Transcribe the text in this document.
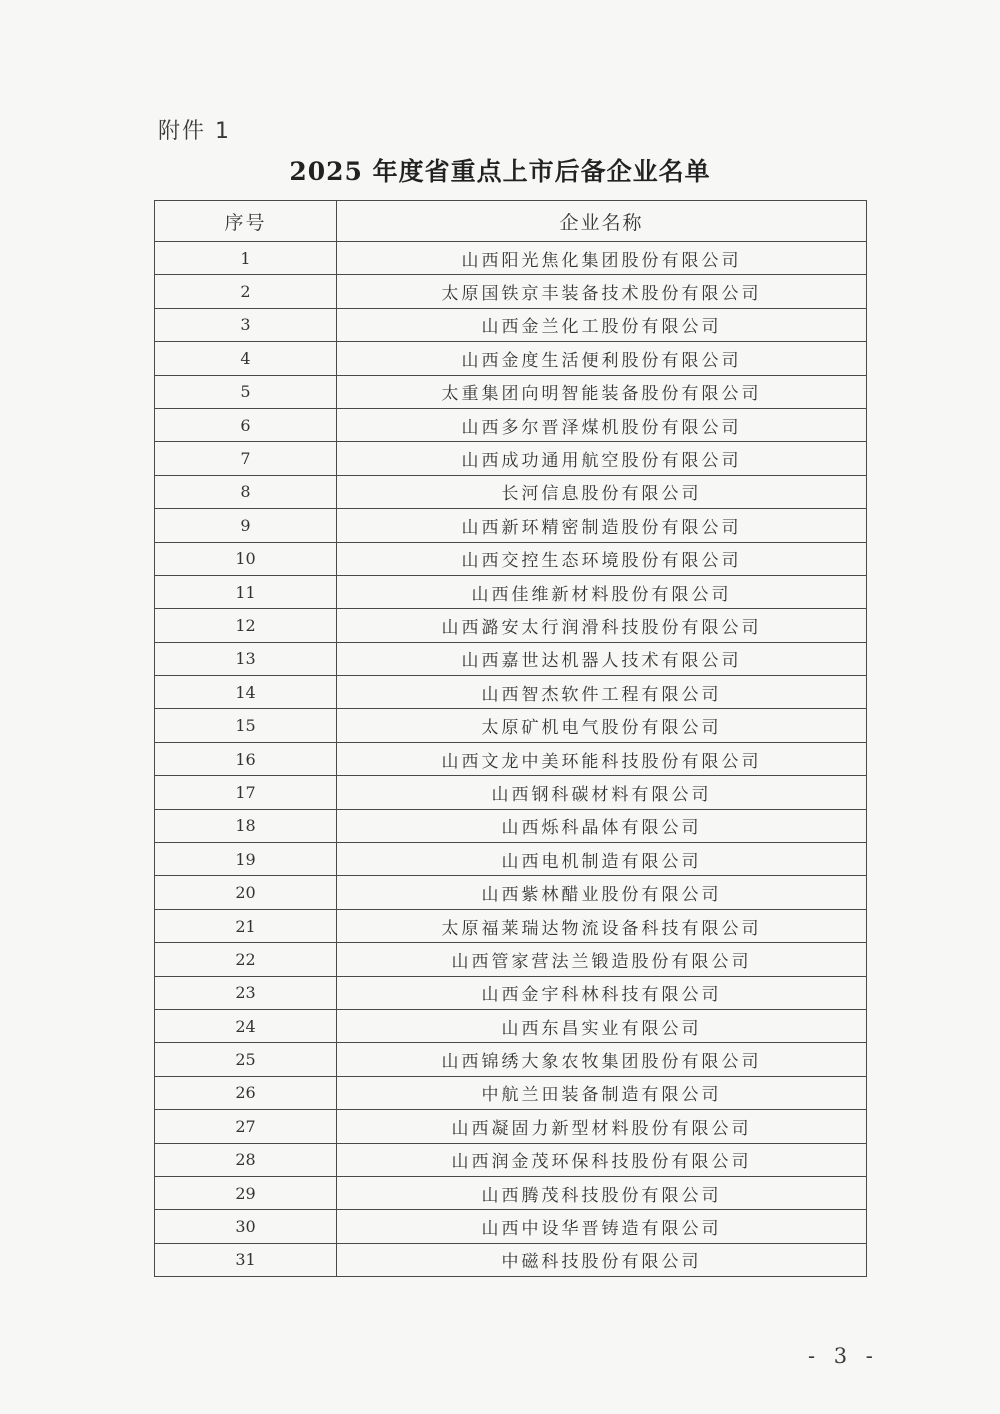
附件 1
2025 年度省重点上市后备企业名单
序号	企业名称
1	山西阳光焦化集团股份有限公司
2	太原国铁京丰装备技术股份有限公司
3	山西金兰化工股份有限公司
4	山西金度生活便利股份有限公司
5	太重集团向明智能装备股份有限公司
6	山西多尔晋泽煤机股份有限公司
7	山西成功通用航空股份有限公司
8	长河信息股份有限公司
9	山西新环精密制造股份有限公司
10	山西交控生态环境股份有限公司
11	山西佳维新材料股份有限公司
12	山西潞安太行润滑科技股份有限公司
13	山西嘉世达机器人技术有限公司
14	山西智杰软件工程有限公司
15	太原矿机电气股份有限公司
16	山西文龙中美环能科技股份有限公司
17	山西钢科碳材料有限公司
18	山西烁科晶体有限公司
19	山西电机制造有限公司
20	山西紫林醋业股份有限公司
21	太原福莱瑞达物流设备科技有限公司
22	山西管家营法兰锻造股份有限公司
23	山西金宇科林科技有限公司
24	山西东昌实业有限公司
25	山西锦绣大象农牧集团股份有限公司
26	中航兰田装备制造有限公司
27	山西凝固力新型材料股份有限公司
28	山西润金茂环保科技股份有限公司
29	山西腾茂科技股份有限公司
30	山西中设华晋铸造有限公司
31	中磁科技股份有限公司
- 3 -
